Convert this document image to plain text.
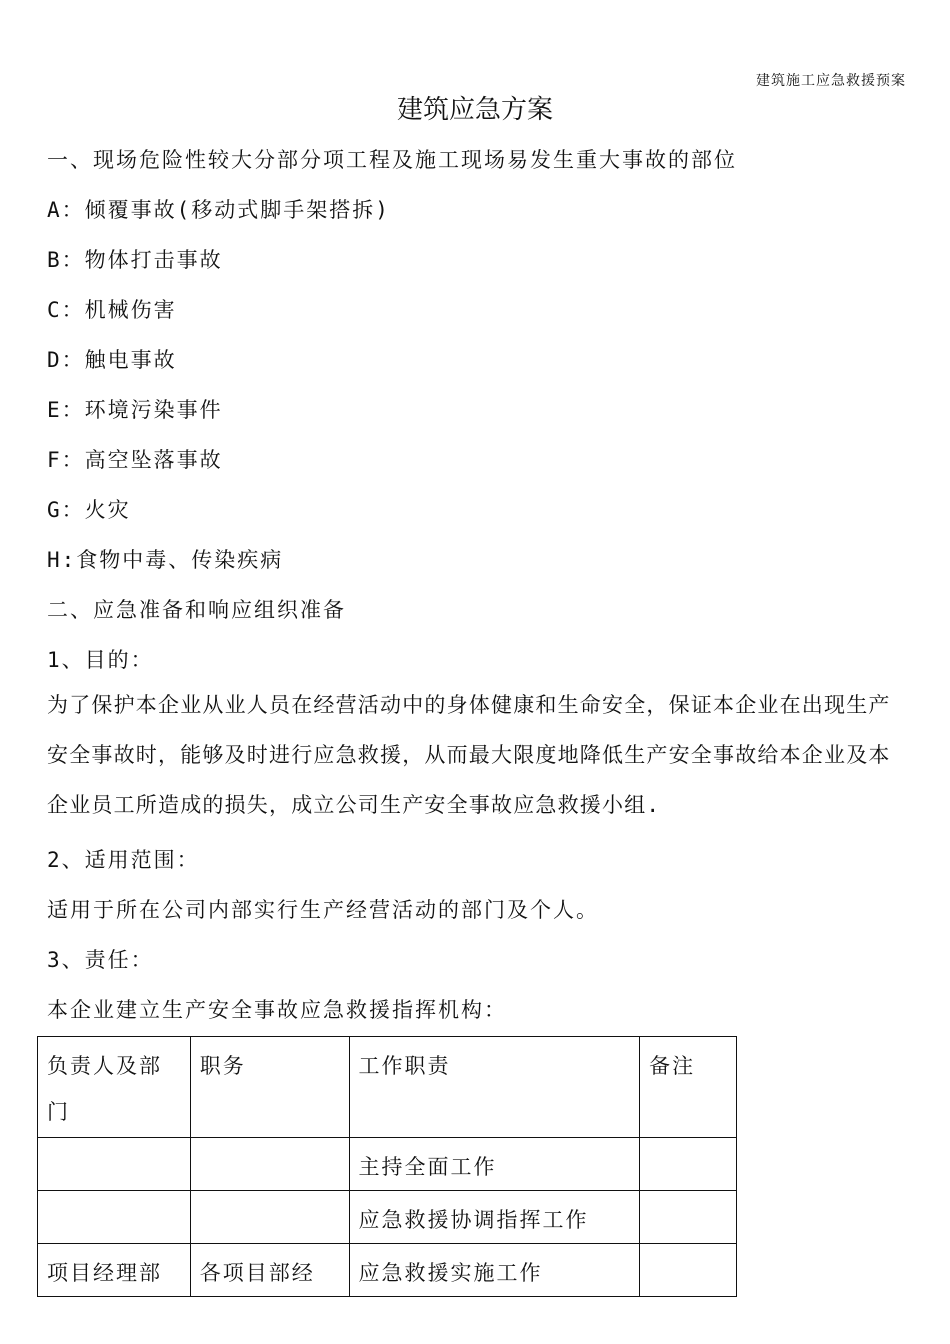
建筑施工应急救援预案
建筑应急方案
一、现场危险性较大分部分项工程及施工现场易发生重大事故的部位
A：倾覆事故(移动式脚手架搭拆)
B：物体打击事故
C：机械伤害
D：触电事故
E：环境污染事件
F：高空坠落事故
G：火灾
H:食物中毒、传染疾病
二、应急准备和响应组织准备
1、目的：
为了保护本企业从业人员在经营活动中的身体健康和生命安全，保证本企业在出现生产安全事故时，能够及时进行应急救援，从而最大限度地降低生产安全事故给本企业及本企业员工所造成的损失，成立公司生产安全事故应急救援小组.
2、适用范围：
适用于所在公司内部实行生产经营活动的部门及个人。
3、责任：
本企业建立生产安全事故应急救援指挥机构：
负责人及部门	职务	工作职责	备注
		主持全面工作	
		应急救援协调指挥工作	
项目经理部	各项目部经	应急救援实施工作	
